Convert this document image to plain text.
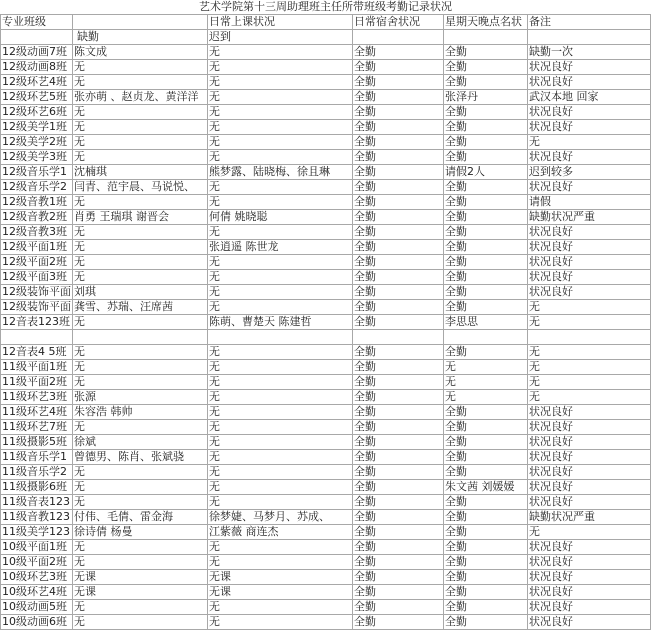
艺术学院第十三周助理班主任所带班级考勤记录状况					
专业班级		日常上课状况	日常宿舍状况	星期天晚点名状	备注
	缺勤	迟到			
12级动画7班	陈文成	无	全勤	全勤	缺勤一次
12级动画8班	无	无	全勤	全勤	状况良好
12级环艺4班	无	无	全勤	全勤	状况良好
12级环艺5班	张亦萌 、赵贞龙、黄洋洋	无	全勤	张泽丹	武汉本地 回家
12级环艺6班	无	无	全勤	全勤	状况良好
12级美学1班	无	无	全勤	全勤	状况良好
12级美学2班	无	无	全勤	全勤	无
12级美学3班	无	无	全勤	全勤	状况良好
12级音乐学1	沈楠琪	熊梦露、陆晓梅、徐且琳	全勤	请假2人	迟到较多
12级音乐学2	闫青、范宇晨、马说悦、	无	全勤	全勤	状况良好
12级音教1班	无	无	全勤	全勤	请假
12级音教2班	肖勇 王瑞琪 谢晋会	何倩 姚晓聪	全勤	全勤	缺勤状况严重
12级音教3班	无	无	全勤	全勤	状况良好
12级平面1班	无	张逍遥 陈世龙	全勤	全勤	状况良好
12级平面2班	无	无	全勤	全勤	状况良好
12级平面3班	无	无	全勤	全勤	状况良好
12级装饰平面	刘琪	无	全勤	全勤	状况良好
12级装饰平面	龚雪、苏瑞、汪席茜	无	全勤	全勤	无
12音表123班	无	陈萌、曹楚天 陈建哲	全勤	李思思	无

12音表4 5班	无	无	全勤	全勤	无
11级平面1班	无	无	全勤	无	无
11级平面2班	无	无	全勤	无	无
11级环艺3班	张源	无	全勤	无	无
11级环艺4班	朱容浩 韩帅	无	全勤	全勤	状况良好
11级环艺7班	无	无	全勤	全勤	状况良好
11级摄影5班	徐斌	无	全勤	全勤	状况良好
11级音乐学1	曾德男、陈肖、张斌骁	无	全勤	全勤	状况良好
11级音乐学2	无	无	全勤	全勤	状况良好
11级摄影6班	无	无	全勤	朱文茜 刘媛媛	状况良好
11级音表123	无	无	全勤	全勤	状况良好
11级音教123	付伟、毛倩、雷金海	徐梦婕、马梦月、苏成、	全勤	全勤	缺勤状况严重
11级美学123	徐诗倩 杨曼	江紫薇 商连杰	全勤	全勤	无
10级平面1班	无	无	全勤	全勤	状况良好
10级平面2班	无	无	全勤	全勤	状况良好
10级环艺3班	无课	无课	全勤	全勤	状况良好
10级环艺4班	无课	无课	全勤	全勤	状况良好
10级动画5班	无	无	全勤	全勤	状况良好
10级动画6班	无	无	全勤	全勤	状况良好
